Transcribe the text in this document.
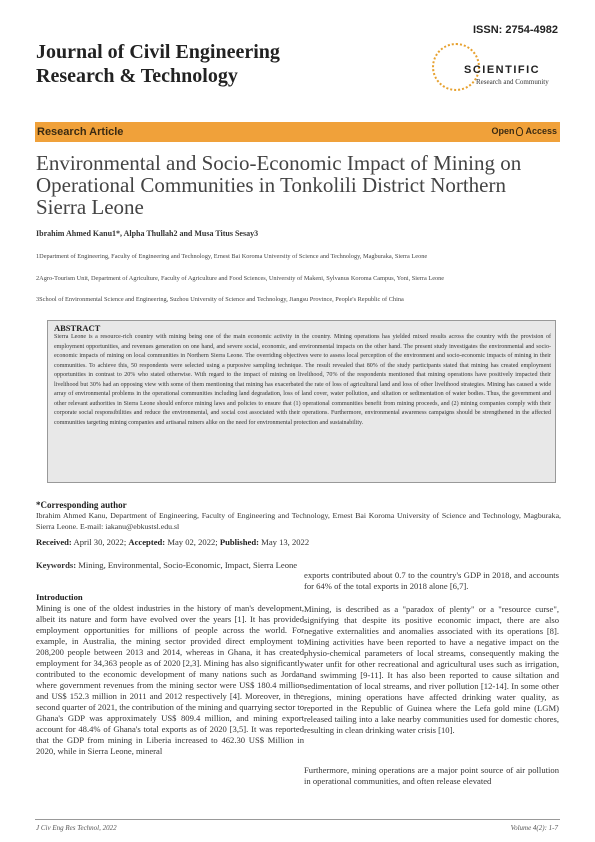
ISSN: 2754-4982
Journal of Civil Engineering
Research & Technology	SCIENTIFIC
Research and Community
Research Article	Open Access
Environmental and Socio-Economic Impact of Mining on Operational Communities in Tonkolili District Northern Sierra Leone
Ibrahim Ahmed Kanu1*, Alpha Thullah2 and Musa Titus Sesay3
1Department of Engineering, Faculty of Engineering and Technology, Ernest Bai Koroma University of Science and Technology, Magburaka, Sierra Leone
2Agro-Tourism Unit, Department of Agriculture, Faculty of Agriculture and Food Sciences, University of Makeni, Sylvanus Koroma Campus, Yoni, Sierra Leone
3School of Environmental Science and Engineering, Suzhou University of Science and Technology, Jiangsu Province, People's Republic of China
ABSTRACT
Sierra Leone is a resource-rich country with mining being one of the main economic activity in the country. Mining operations has yielded mixed results across the country with the provision of employment opportunities, and revenues generation on one hand, and severe social, economic, and environmental impacts on the other hand. The present study investigates the environmental and socio-economic impacts of mining on local communities in Northern Sierra Leone. The overriding objectives were to assess local perception of the environment and socio-economic impacts of mining in their communities. To achieve this, 50 respondents were selected using a purposive sampling technique. The result revealed that 80% of the study participants stated that mining has created employment opportunities in contrast to 20% who stated otherwise. With regard to the impact of mining on livelihood, 70% of the respondents mentioned that mining operations have positively impacted their livelihood but 30% had an opposing view with some of them mentioning that mining has exacerbated the rate of loss of agricultural land and loss of other livelihood strategies. Mining has caused a wide array of environmental problems in the operational communities including land degradation, loss of land cover, water pollution, and siltation or sedimentation of water bodies. Thus, the government and other relevant authorities in Sierra Leone should enforce mining laws and policies to ensure that (1) operational communities benefit from mining proceeds, and (2) mining companies comply with their corporate social responsibilities and reduce the environmental, and social cost associated with their operations. Furthermore, environmental awareness campaigns should be strengthened in the affected communities targeting mining companies and artisanal miners alike on the need for environmental protection and sustainability.
*Corresponding author
Ibrahim Ahmed Kanu, Department of Engineering, Faculty of Engineering and Technology, Ernest Bai Koroma University of Science and Technology, Magburaka, Sierra Leone. E-mail: iakanu@ebkustsl.edu.sl
Received: April 30, 2022; Accepted: May 02, 2022; Published: May 13, 2022
Keywords: Mining, Environmental, Socio-Economic, Impact, Sierra Leone
Introduction
Mining is one of the oldest industries in the history of man's development, albeit its nature and form have evolved over the years [1]. It has provided employment opportunities for millions of people across the world. For example, in Australia, the mining sector provided direct employment to 208,200 people between 2013 and 2014, whereas in Ghana, it has created employment for 34,363 people as of 2020 [2,3]. Mining has also significantly contributed to the economic development of many nations such as Jordan where government revenues from the mining sector were US$ 180.4 million and US$ 152.3 million in 2011 and 2012 respectively [4]. Moreover, in the second quarter of 2021, the contribution of the mining and quarrying sector to Ghana's GDP was approximately US$ 809.4 million, and mining export account for 48.4% of Ghana's total exports as of 2020 [3,5]. It was reported that the GDP from mining in Liberia increased to 462.30 US$ Million in 2020, while in Sierra Leone, mineral
exports contributed about 0.7 to the country's GDP in 2018, and accounts for 64% of the total exports in 2018 alone [6,7].
Mining, is described as a "paradox of plenty" or a "resource curse", signifying that despite its positive economic impact, there are also negative externalities and anomalies associated with its operations [8]. Mining activities have been reported to have a negative impact on the physio-chemical parameters of local streams, consequently making the water unfit for other recreational and agricultural uses such as irrigation, and swimming [9-11]. It has also been reported to cause siltation and sedimentation of local streams, and river pollution [12-14]. In some other regions, mining operations have affected drinking water quality, as reported in the Republic of Guinea where the Lefa gold mine (LGM) released tailing into a lake nearby communities used for domestic chores, resulting in clean drinking water crisis [10].
Furthermore, mining operations are a major point source of air pollution in operational communities, and often release elevated
J Civ Eng Res Technol, 2022	Volume 4(2): 1-7
